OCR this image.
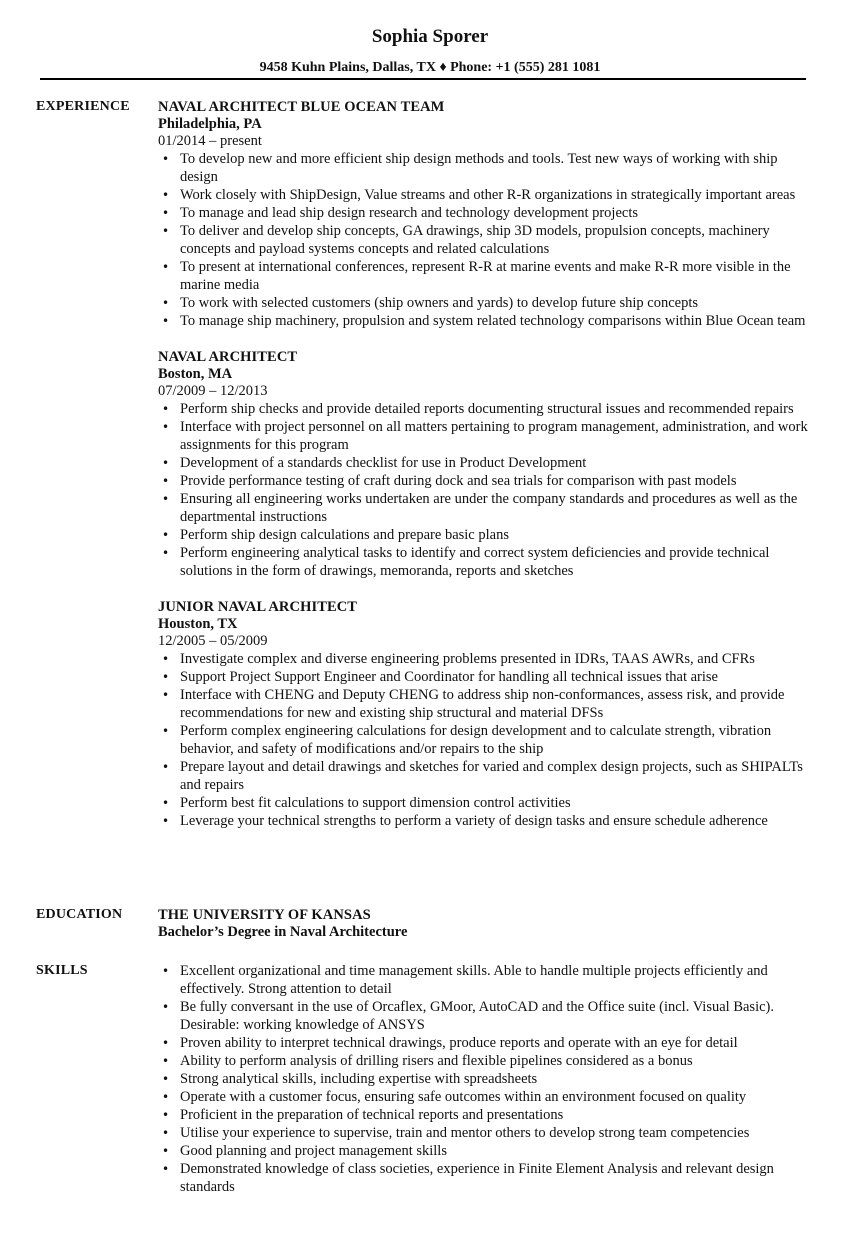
Sophia Sporer
9458 Kuhn Plains, Dallas, TX ♦ Phone: +1 (555) 281 1081
EXPERIENCE NAVAL ARCHITECT BLUE OCEAN TEAM
Philadelphia, PA
01/2014 – present
• To develop new and more efficient ship design methods and tools. Test new ways of working with ship design
• Work closely with ShipDesign, Value streams and other R-R organizations in strategically important areas
• To manage and lead ship design research and technology development projects
• To deliver and develop ship concepts, GA drawings, ship 3D models, propulsion concepts, machinery concepts and payload systems concepts and related calculations
• To present at international conferences, represent R-R at marine events and make R-R more visible in the marine media
• To work with selected customers (ship owners and yards) to develop future ship concepts
• To manage ship machinery, propulsion and system related technology comparisons within Blue Ocean team
NAVAL ARCHITECT
Boston, MA
07/2009 – 12/2013
• Perform ship checks and provide detailed reports documenting structural issues and recommended repairs
• Interface with project personnel on all matters pertaining to program management, administration, and work assignments for this program
• Development of a standards checklist for use in Product Development
• Provide performance testing of craft during dock and sea trials for comparison with past models
• Ensuring all engineering works undertaken are under the company standards and procedures as well as the departmental instructions
• Perform ship design calculations and prepare basic plans
• Perform engineering analytical tasks to identify and correct system deficiencies and provide technical solutions in the form of drawings, memoranda, reports and sketches
JUNIOR NAVAL ARCHITECT
Houston, TX
12/2005 – 05/2009
• Investigate complex and diverse engineering problems presented in IDRs, TAAS AWRs, and CFRs
• Support Project Support Engineer and Coordinator for handling all technical issues that arise
• Interface with CHENG and Deputy CHENG to address ship non-conformances, assess risk, and provide recommendations for new and existing ship structural and material DFSs
• Perform complex engineering calculations for design development and to calculate strength, vibration behavior, and safety of modifications and/or repairs to the ship
• Prepare layout and detail drawings and sketches for varied and complex design projects, such as SHIPALTs and repairs
• Perform best fit calculations to support dimension control activities
• Leverage your technical strengths to perform a variety of design tasks and ensure schedule adherence
EDUCATION THE UNIVERSITY OF KANSAS
Bachelor’s Degree in Naval Architecture
SKILLS
•	Excellent organizational and time management skills. Able to handle multiple projects efficiently and effectively. Strong attention to detail
• Be fully conversant in the use of Orcaflex, GMoor, AutoCAD and the Office suite (incl. Visual Basic). Desirable: working knowledge of ANSYS
• Proven ability to interpret technical drawings, produce reports and operate with an eye for detail
• Ability to perform analysis of drilling risers and flexible pipelines considered as a bonus
• Strong analytical skills, including expertise with spreadsheets
• Operate with a customer focus, ensuring safe outcomes within an environment focused on quality
• Proficient in the preparation of technical reports and presentations
• Utilise your experience to supervise, train and mentor others to develop strong team competencies
• Good planning and project management skills
• Demonstrated knowledge of class societies, experience in Finite Element Analysis and relevant design standards
